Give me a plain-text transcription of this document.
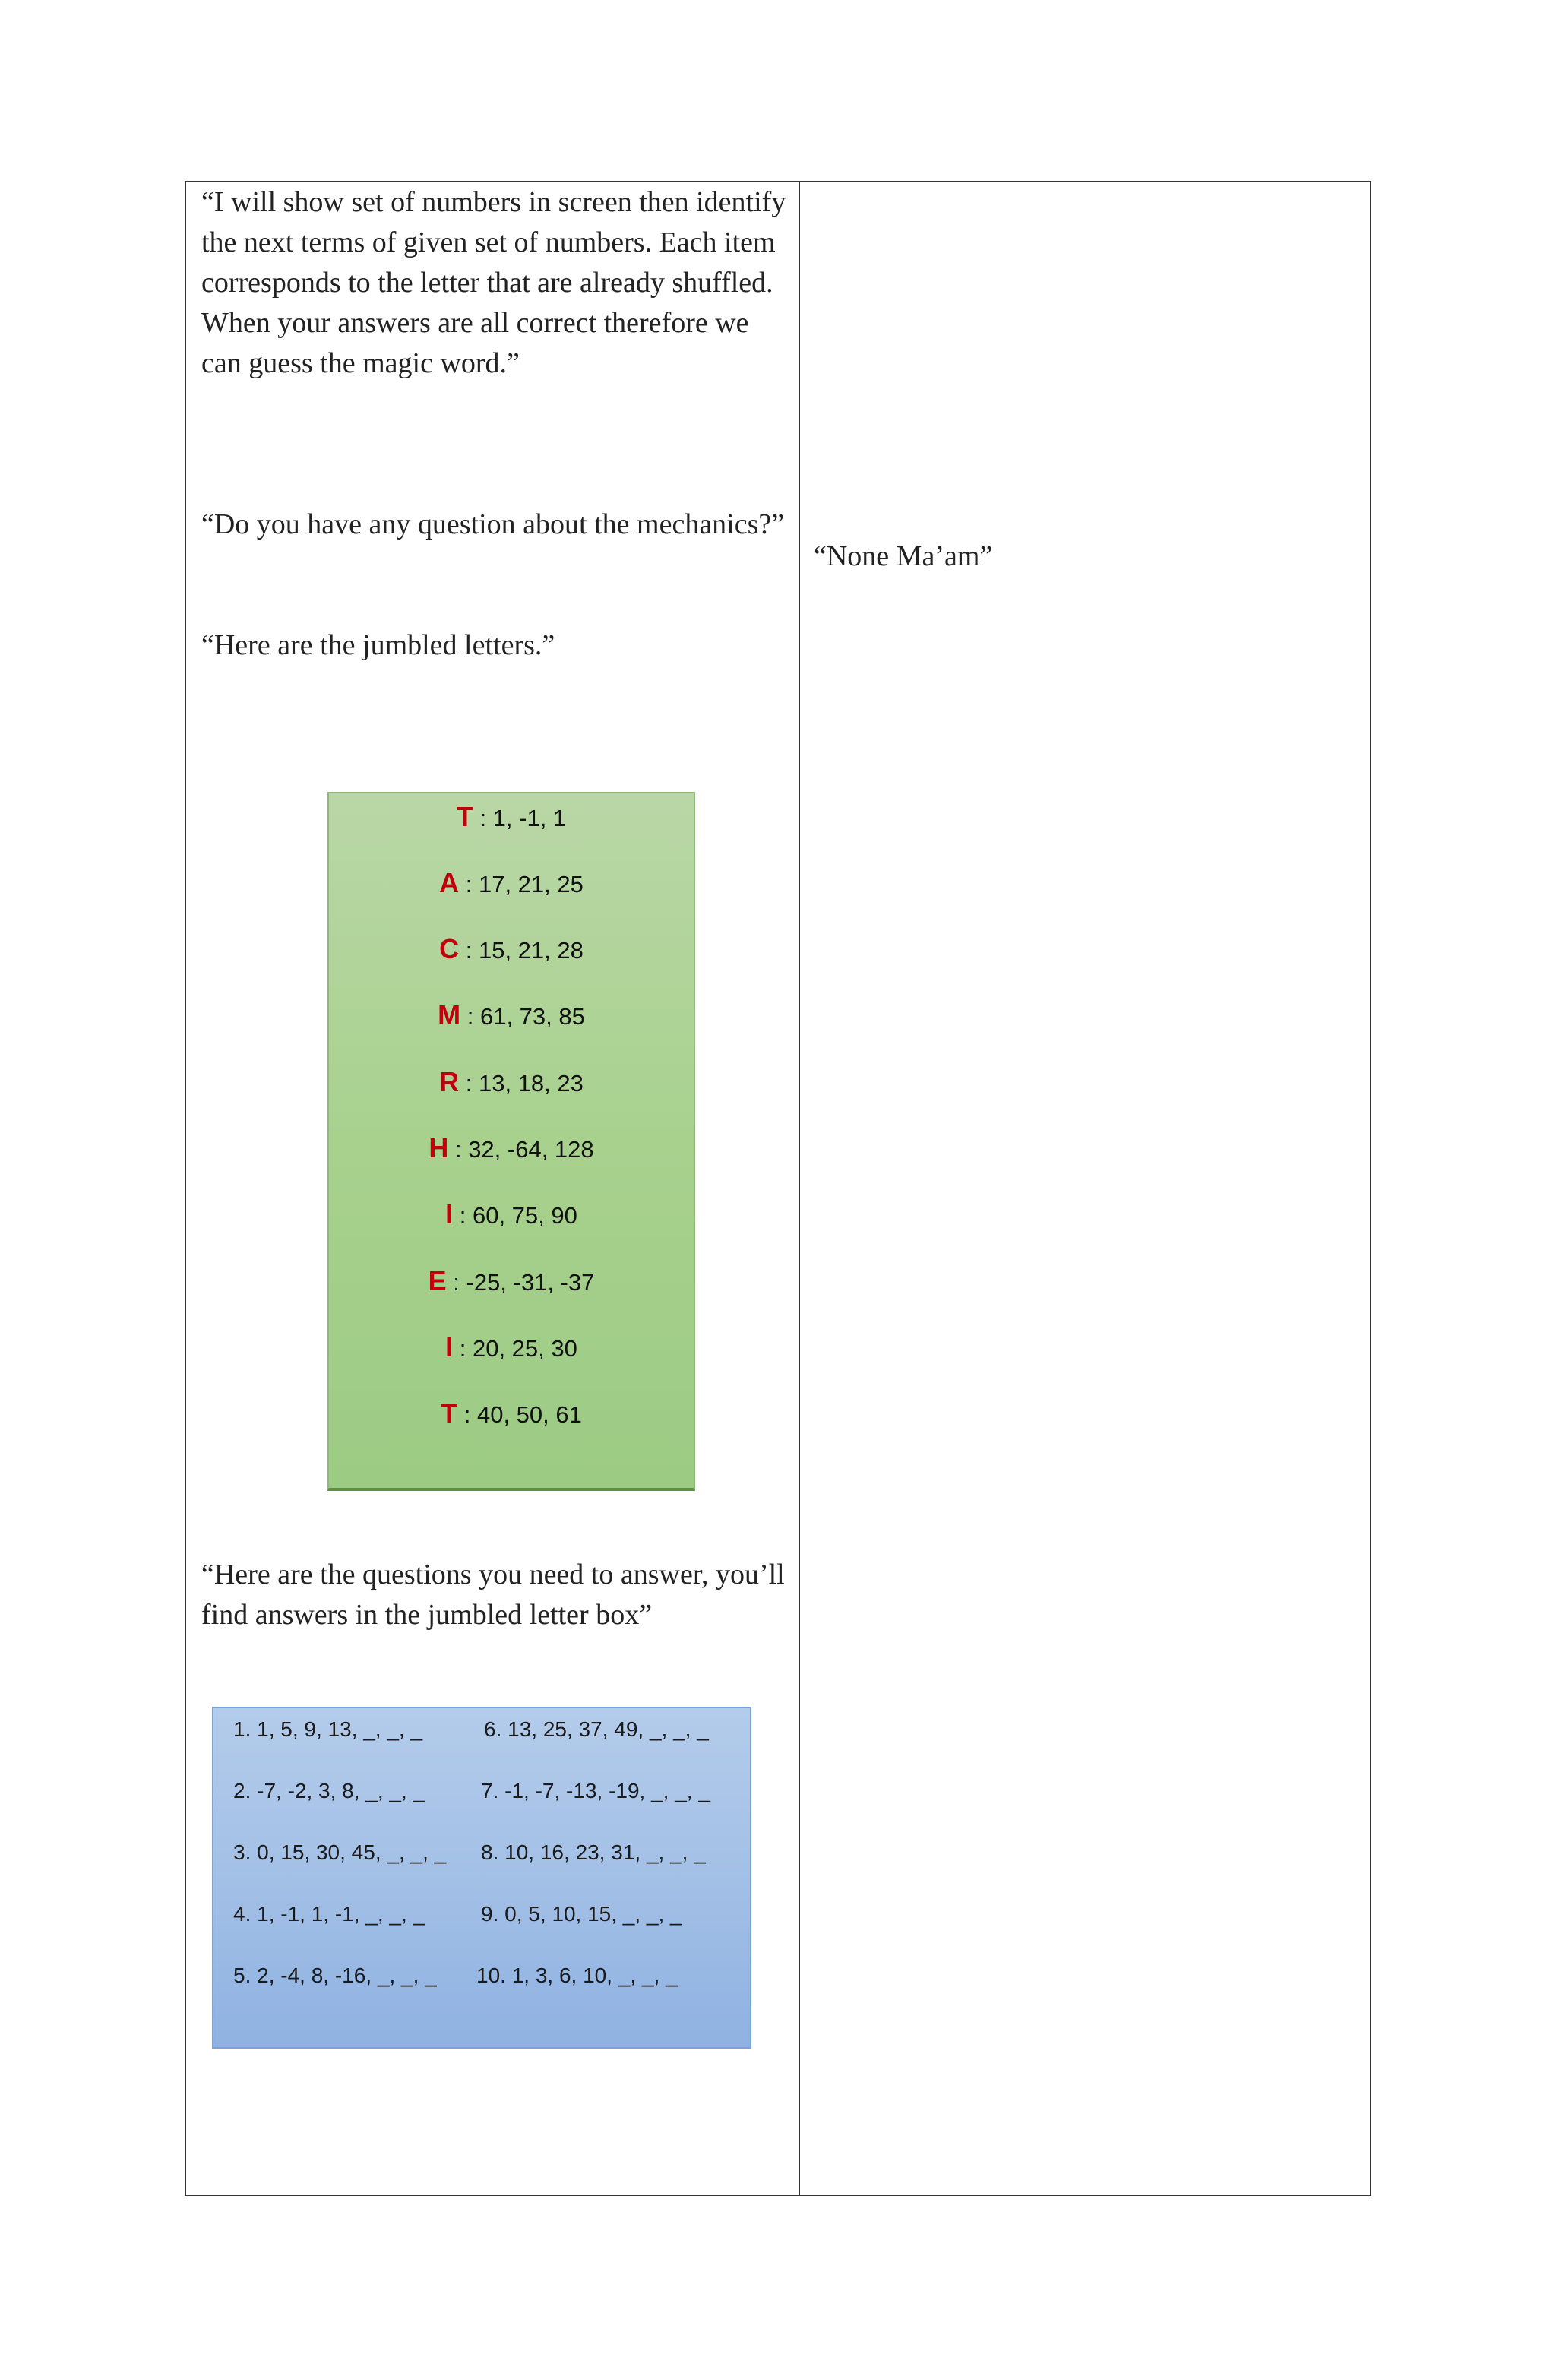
“I will show set of numbers in screen then identify the next terms of given set of numbers. Each item corresponds to the letter that are already shuffled. When your answers are all correct therefore we can guess the magic word.”

“Do you have any question about the mechanics?”

“Here are the jumbled letters.”

T : 1, -1, 1
A : 17, 21, 25
C : 15, 21, 28
M : 61, 73, 85
R : 13, 18, 23
H : 32, -64, 128
I : 60, 75, 90
E : -25, -31, -37
I : 20, 25, 30
T : 40, 50, 61

“Here are the questions you need to answer, you’ll find answers in the jumbled letter box”

1. 1, 5, 9, 13, _, _, _	6. 13, 25, 37, 49, _, _, _
2. -7, -2, 3, 8, _, _, _	7. -1, -7, -13, -19, _, _, _
3. 0, 15, 30, 45, _, _, _ 8. 10, 16, 23, 31, _, _, _
4. 1, -1, 1, -1, _, _, _	9. 0, 5, 10, 15, _, _, _
5. 2, -4, 8, -16, _, _, _ 10. 1, 3, 6, 10, _, _, _

“None Ma’am”
